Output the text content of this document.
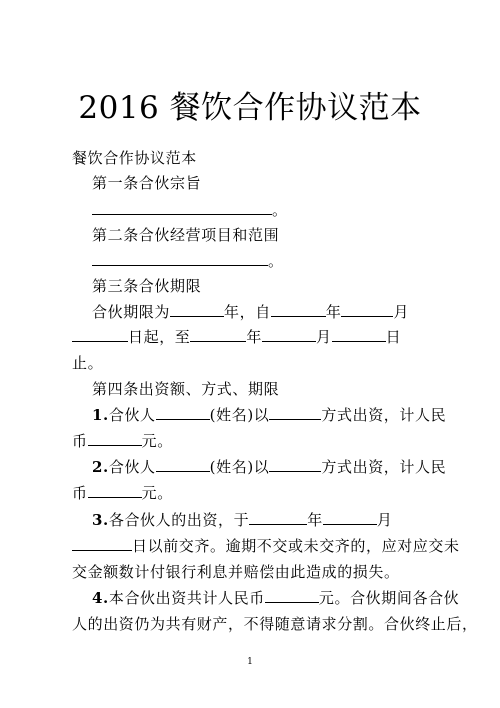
2016 餐饮合作协议范本
餐饮合作协议范本
第一条合伙宗旨
。
第二条合伙经营项目和范围
。
第三条合伙期限
合伙期限为	年，自	年	月
日起，至	年	月	日
止。
第四条出资额、方式、期限
1.合伙人	(姓名)以	方式出资，计人民
币	元。
2.合伙人	(姓名)以	方式出资，计人民
币	元。
3.各合伙人的出资，于	年	月
日以前交齐。逾期不交或未交齐的，应对应交未
交金额数计付银行利息并赔偿由此造成的损失。
4.本合伙出资共计人民币	元。合伙期间各合伙
人的出资仍为共有财产，不得随意请求分割。合伙终止后，
1
